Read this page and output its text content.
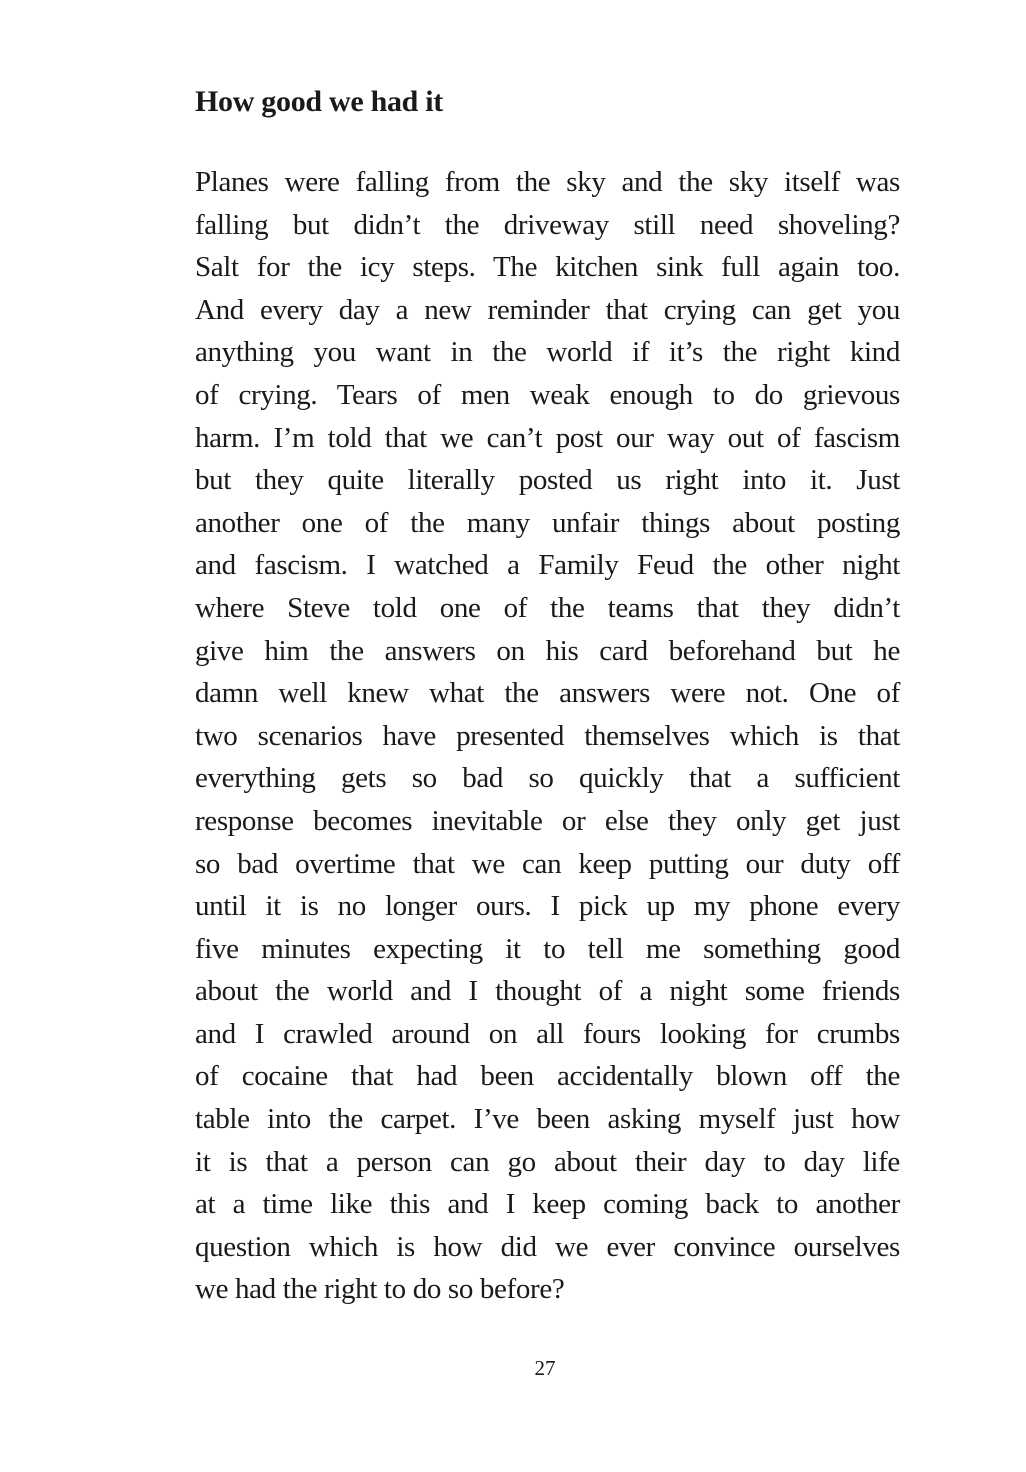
How good we had it
Planes were falling from the sky and the sky itself was
falling but didn’t the driveway still need shoveling?
Salt for the icy steps. The kitchen sink full again too.
And every day a new reminder that crying can get you
anything you want in the world if it’s the right kind
of crying. Tears of men weak enough to do grievous
harm. I’m told that we can’t post our way out of fascism
but they quite literally posted us right into it. Just
another one of the many unfair things about posting
and fascism. I watched a Family Feud the other night
where Steve told one of the teams that they didn’t
give him the answers on his card beforehand but he
damn well knew what the answers were not. One of
two scenarios have presented themselves which is that
everything gets so bad so quickly that a sufficient
response becomes inevitable or else they only get just
so bad overtime that we can keep putting our duty off
until it is no longer ours. I pick up my phone every
five minutes expecting it to tell me something good
about the world and I thought of a night some friends
and I crawled around on all fours looking for crumbs
of cocaine that had been accidentally blown off the
table into the carpet. I’ve been asking myself just how
it is that a person can go about their day to day life
at a time like this and I keep coming back to another
question which is how did we ever convince ourselves
we had the right to do so before?
27
